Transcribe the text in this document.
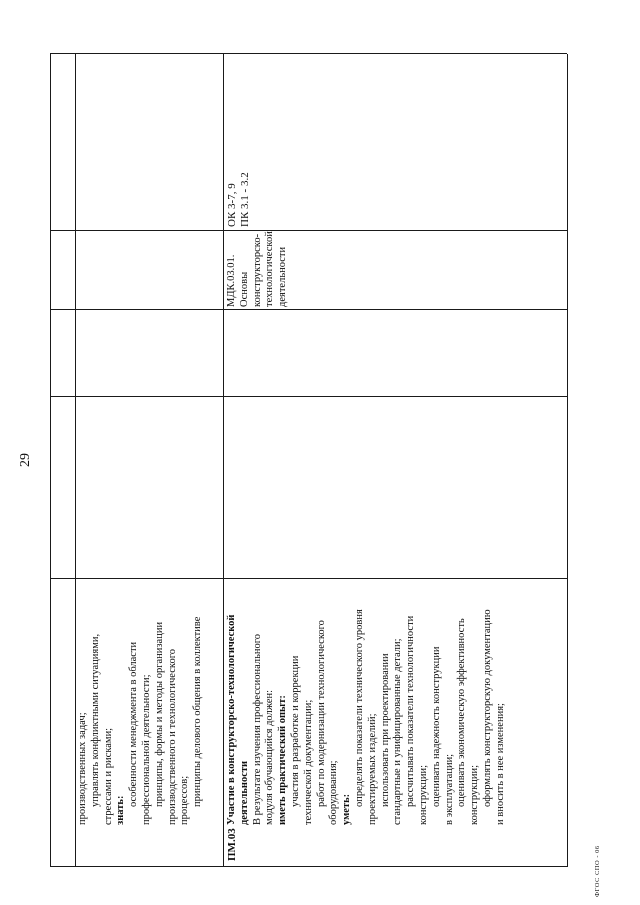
29
ФГОС СПО - 06
производственных задач; управлять конфликтными ситуациями, стрессами и рисками; знать:
особенности менеджмента в области профессиональной деятельности; принципы, формы и методы организации производственного и технологического процессов; принципы делового общения в коллективе
ПМ.03
Участие в конструкторско-технологической деятельности В результате изучения профессионального модуля обучающийся должен: иметь практический опыт: участия в разработке и коррекции технической документации; работ по модернизации технологического оборудования; уметь:
определять показатели технического уровня проектируемых изделий; использовать при проектировании стандартные и унифицированные детали; рассчитывать показатели технологичности конструкции; оценивать надежность конструкции в эксплуатации; оценивать экономическую эффективность конструкции; оформлять конструкторскую документацию и вносить в нее изменения;
МДК.03.01. Основы конструкторско- технологической деятельности
ОК 3-7, 9 ПК 3.1 - 3.2
